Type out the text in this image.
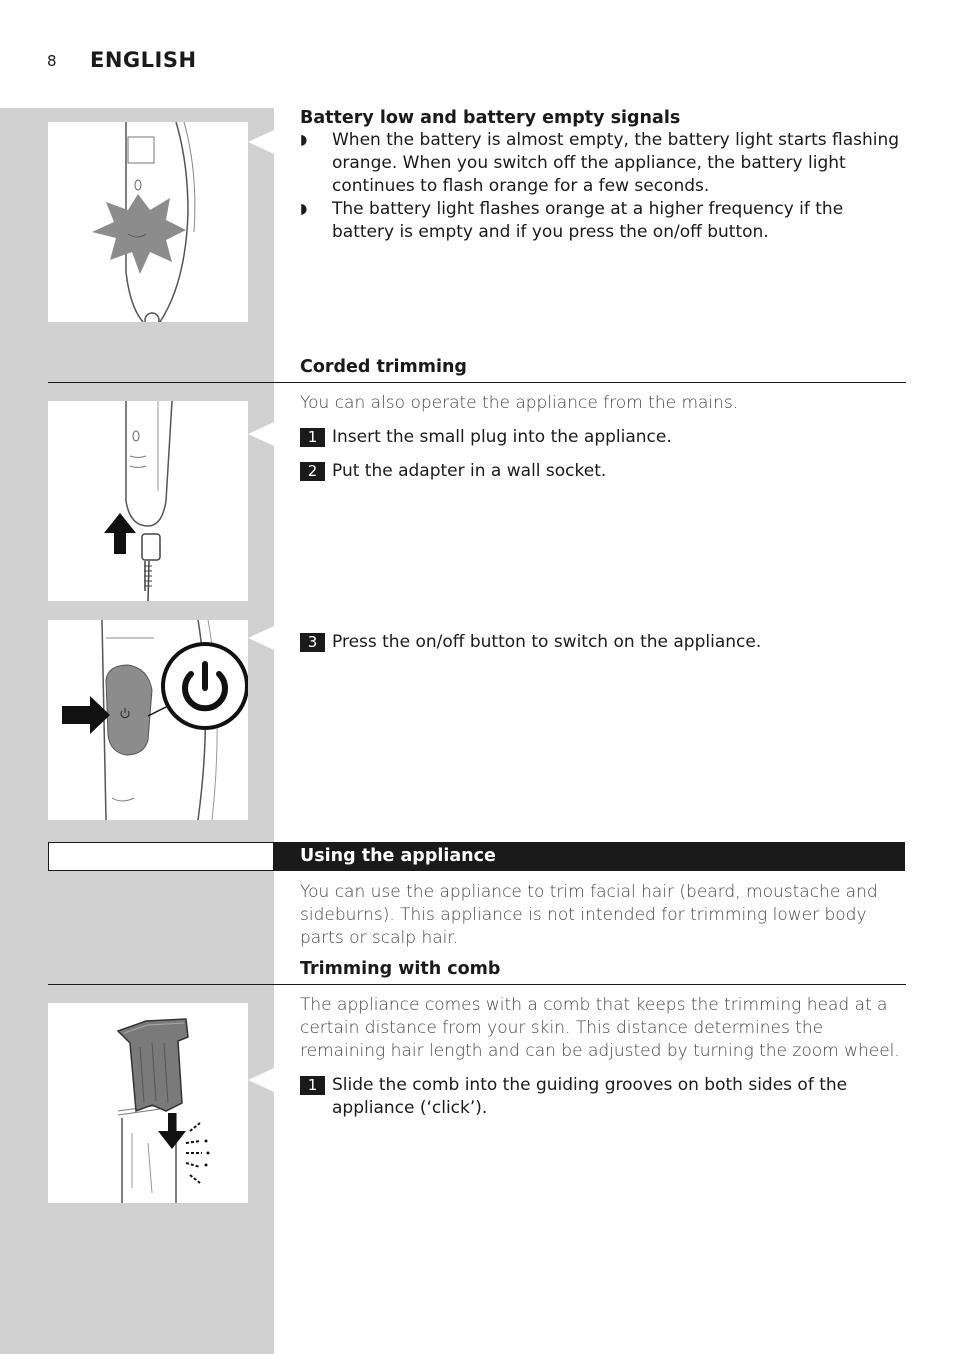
8 ENGLISH
Battery low and battery empty signals
◗	When the battery is almost empty, the battery light starts flashing orange. When you switch off the appliance, the battery light continues to flash orange for a few seconds.
◗	The battery light flashes orange at a higher frequency if the battery is empty and if you press the on/off button.
Corded trimming
You can also operate the appliance from the mains.
1 Insert the small plug into the appliance.
2 Put the adapter in a wall socket.
3 Press the on/off button to switch on the appliance.
Using the appliance
You can use the appliance to trim facial hair (beard, moustache and sideburns). This appliance is not intended for trimming lower body parts or scalp hair.
Trimming with comb
The appliance comes with a comb that keeps the trimming head at a certain distance from your skin. This distance determines the remaining hair length and can be adjusted by turning the zoom wheel.
1 Slide the comb into the guiding grooves on both sides of the appliance (‘click’).
